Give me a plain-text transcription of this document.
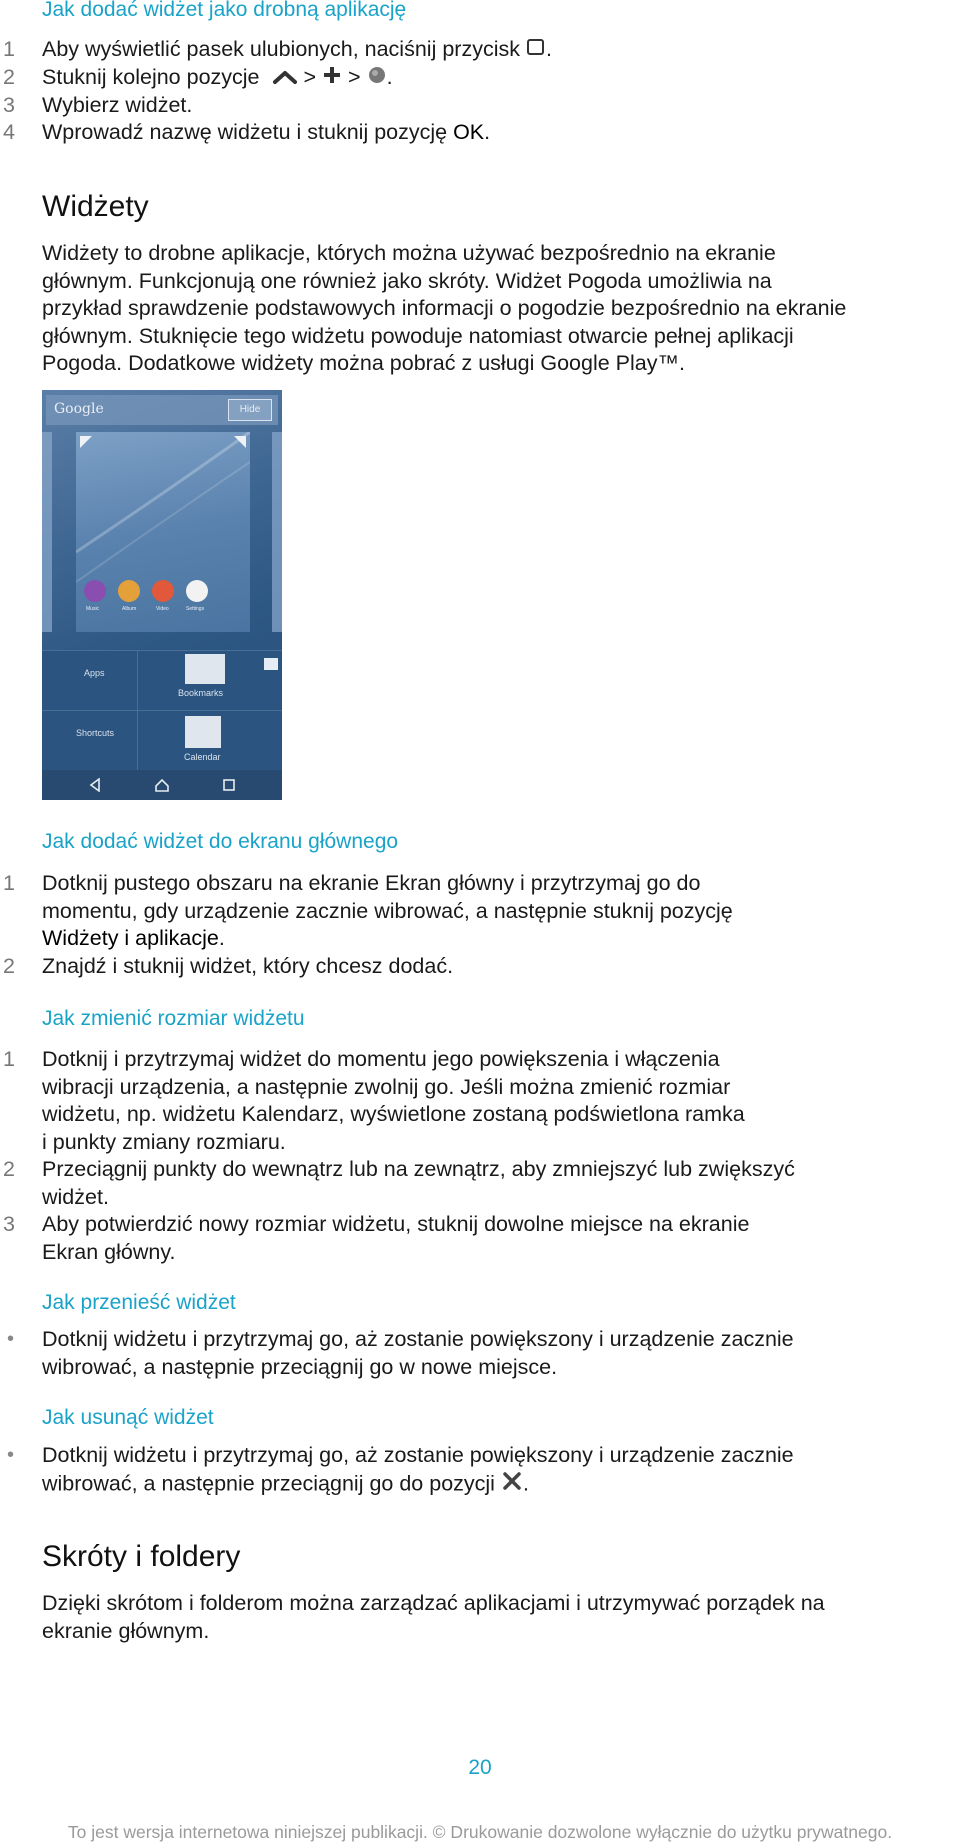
Jak dodać widżet jako drobną aplikację
1	Aby wyświetlić pasek ulubionych, naciśnij przycisk .
2	Stuknij kolejno pozycje > > .
3	Wybierz widżet.
4	Wprowadź nazwę widżetu i stuknij pozycję OK.
Widżety
Widżety to drobne aplikacje, których można używać bezpośrednio na ekranie
głównym. Funkcjonują one również jako skróty. Widżet Pogoda umożliwia na
przykład sprawdzenie podstawowych informacji o pogodzie bezpośrednio na ekranie
głównym. Stuknięcie tego widżetu powoduje natomiast otwarcie pełnej aplikacji
Pogoda. Dodatkowe widżety można pobrać z usługi Google Play™.
Google	Hide
Music	Album	Video	Settings
Apps
Bookmarks
Shortcuts
Calendar
Jak dodać widżet do ekranu głównego
1	Dotknij pustego obszaru na ekranie Ekran główny i przytrzymaj go do
momentu, gdy urządzenie zacznie wibrować, a następnie stuknij pozycję
Widżety i aplikacje.
2	Znajdź i stuknij widżet, który chcesz dodać.
Jak zmienić rozmiar widżetu
1	Dotknij i przytrzymaj widżet do momentu jego powiększenia i włączenia
wibracji urządzenia, a następnie zwolnij go. Jeśli można zmienić rozmiar
widżetu, np. widżetu Kalendarz, wyświetlone zostaną podświetlona ramka
i punkty zmiany rozmiaru.
2	Przeciągnij punkty do wewnątrz lub na zewnątrz, aby zmniejszyć lub zwiększyć
widżet.
3	Aby potwierdzić nowy rozmiar widżetu, stuknij dowolne miejsce na ekranie
Ekran główny.
Jak przenieść widżet
• Dotknij widżetu i przytrzymaj go, aż zostanie powiększony i urządzenie zacznie
wibrować, a następnie przeciągnij go w nowe miejsce.
Jak usunąć widżet
• Dotknij widżetu i przytrzymaj go, aż zostanie powiększony i urządzenie zacznie
wibrować, a następnie przeciągnij go do pozycji .
Skróty i foldery
Dzięki skrótom i folderom można zarządzać aplikacjami i utrzymywać porządek na
ekranie głównym.
20
To jest wersja internetowa niniejszej publikacji. © Drukowanie dozwolone wyłącznie do użytku prywatnego.
